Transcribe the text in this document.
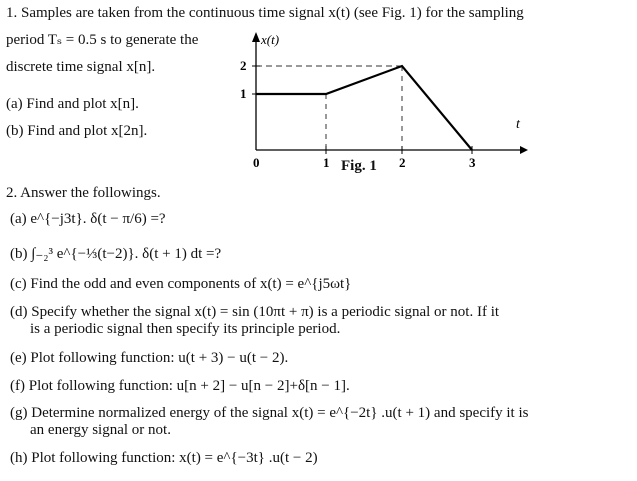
1. Samples are taken from the continuous time signal x(t) (see Fig. 1) for the sampling
period Tₛ = 0.5 s to generate the
discrete time signal x[n].
(a) Find and plot x[n].
(b) Find and plot x[2n].
x(t)
t
2
1
0	1	2	3
Fig. 1
2. Answer the followings.
(a) e^{−j3t}. δ(t − π/6) =?
(b) ∫₋₂³ e^{−⅓(t−2)}. δ(t + 1) dt =?
(c) Find the odd and even components of x(t) = e^{j5ωt}
(d) Specify whether the signal x(t) = sin (10πt + π) is a periodic signal or not. If it
is a periodic signal then specify its principle period.
(e) Plot following function: u(t + 3) − u(t − 2).
(f) Plot following function: u[n + 2] − u[n − 2]+δ[n − 1].
(g) Determine normalized energy of the signal x(t) = e^{−2t} .u(t + 1) and specify it is
an energy signal or not.
(h) Plot following function: x(t) = e^{−3t} .u(t − 2)
